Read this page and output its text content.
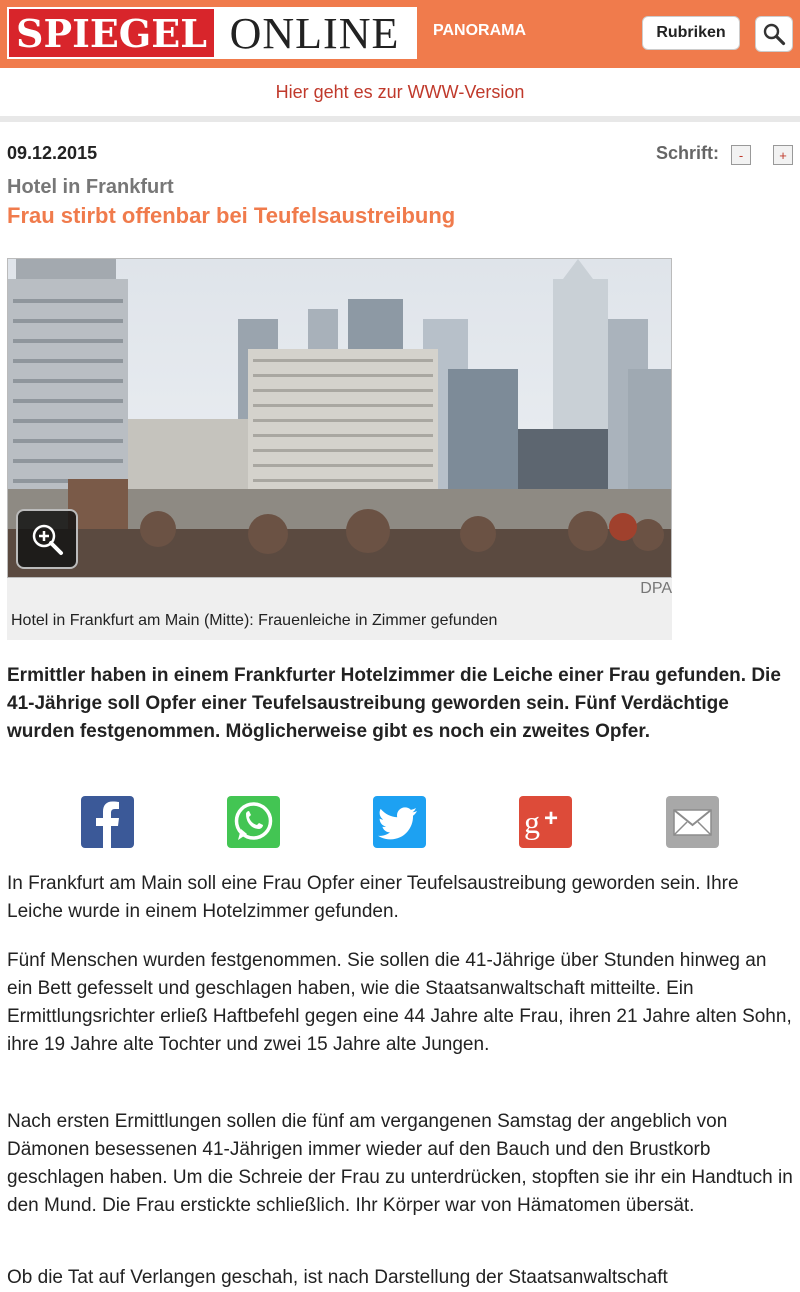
SPIEGEL ONLINE	PANORAMA	Rubriken
Hier geht es zur WWW-Version
09.12.2015	Schrift:	-	+
Hotel in Frankfurt
Frau stirbt offenbar bei Teufelsaustreibung
DPA
Hotel in Frankfurt am Main (Mitte): Frauenleiche in Zimmer gefunden

Ermittler haben in einem Frankfurter Hotelzimmer die Leiche einer Frau gefunden. Die 41-Jährige soll Opfer einer Teufelsaustreibung geworden sein. Fünf Verdächtige wurden festgenommen. Möglicherweise gibt es noch ein zweites Opfer.

g +

In Frankfurt am Main soll eine Frau Opfer einer Teufelsaustreibung geworden sein. Ihre Leiche wurde in einem Hotelzimmer gefunden.

Fünf Menschen wurden festgenommen. Sie sollen die 41-Jährige über Stunden hinweg an ein Bett gefesselt und geschlagen haben, wie die Staatsanwaltschaft mitteilte. Ein Ermittlungsrichter erließ Haftbefehl gegen eine 44 Jahre alte Frau, ihren 21 Jahre alten Sohn, ihre 19 Jahre alte Tochter und zwei 15 Jahre alte Jungen.

Nach ersten Ermittlungen sollen die fünf am vergangenen Samstag der angeblich von Dämonen besessenen 41-Jährigen immer wieder auf den Bauch und den Brustkorb geschlagen haben. Um die Schreie der Frau zu unterdrücken, stopften sie ihr ein Handtuch in den Mund. Die Frau erstickte schließlich. Ihr Körper war von Hämatomen übersät.

Ob die Tat auf Verlangen geschah, ist nach Darstellung der Staatsanwaltschaft
